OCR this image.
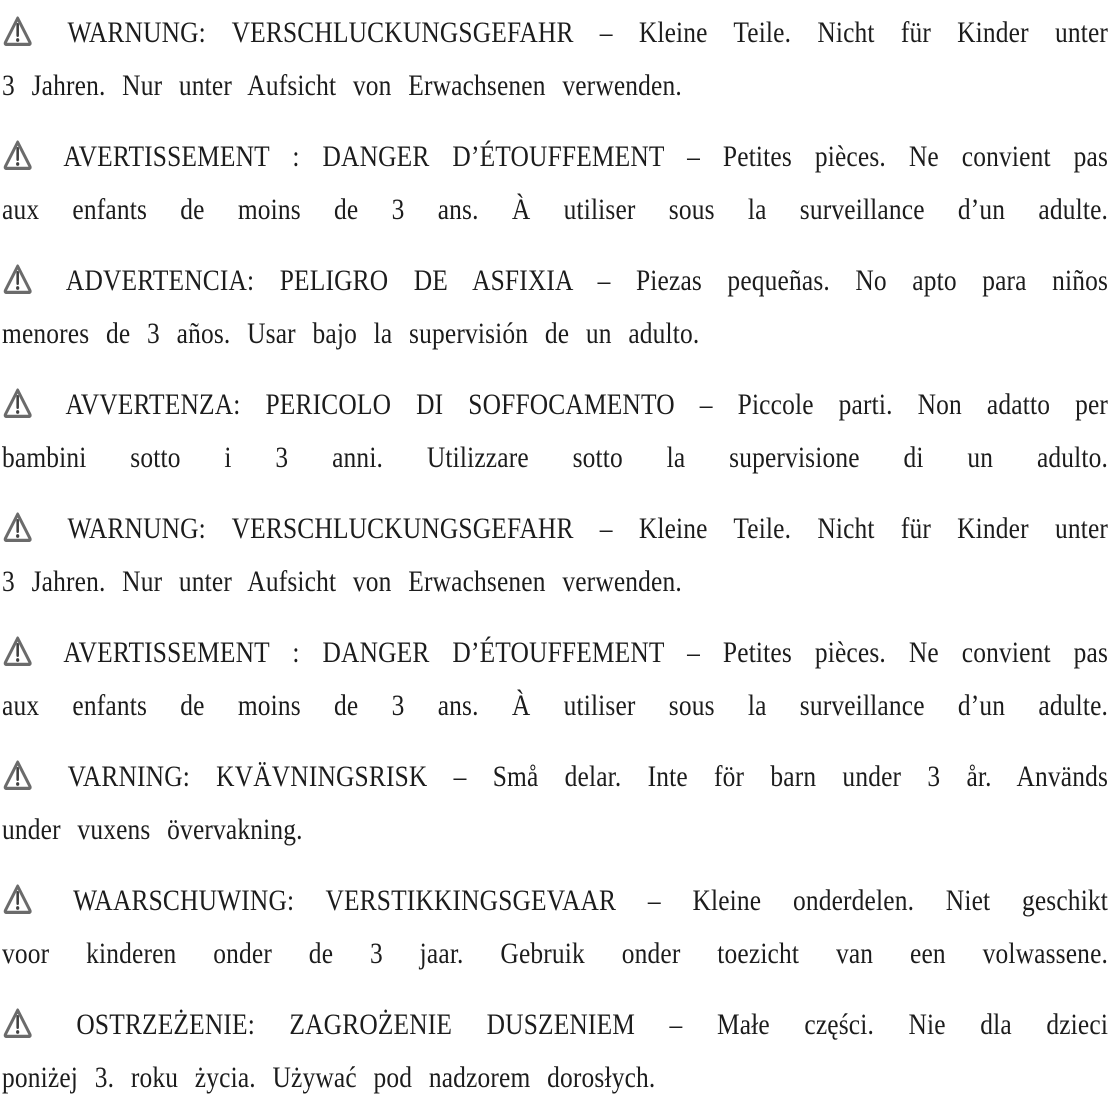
WARNUNG: VERSCHLUCKUNGSGEFAHR – Kleine Teile. Nicht für Kinder unter
3 Jahren. Nur unter Aufsicht von Erwachsenen verwenden.
AVERTISSEMENT : DANGER D’ÉTOUFFEMENT – Petites pièces. Ne convient pas
aux enfants de moins de 3 ans. À utiliser sous la surveillance d’un adulte.
ADVERTENCIA: PELIGRO DE ASFIXIA – Piezas pequeñas. No apto para niños
menores de 3 años. Usar bajo la supervisión de un adulto.
AVVERTENZA: PERICOLO DI SOFFOCAMENTO – Piccole parti. Non adatto per
bambini sotto i 3 anni. Utilizzare sotto la supervisione di un adulto.
WARNUNG: VERSCHLUCKUNGSGEFAHR – Kleine Teile. Nicht für Kinder unter
3 Jahren. Nur unter Aufsicht von Erwachsenen verwenden.
AVERTISSEMENT : DANGER D’ÉTOUFFEMENT – Petites pièces. Ne convient pas
aux enfants de moins de 3 ans. À utiliser sous la surveillance d’un adulte.
VARNING: KVÄVNINGSRISK – Små delar. Inte för barn under 3 år. Används
under vuxens övervakning.
WAARSCHUWING: VERSTIKKINGSGEVAAR – Kleine onderdelen. Niet geschikt
voor kinderen onder de 3 jaar. Gebruik onder toezicht van een volwassene.
OSTRZEŻENIE: ZAGROŻENIE DUSZENIEM – Małe części. Nie dla dzieci
poniżej 3. roku życia. Używać pod nadzorem dorosłych.
